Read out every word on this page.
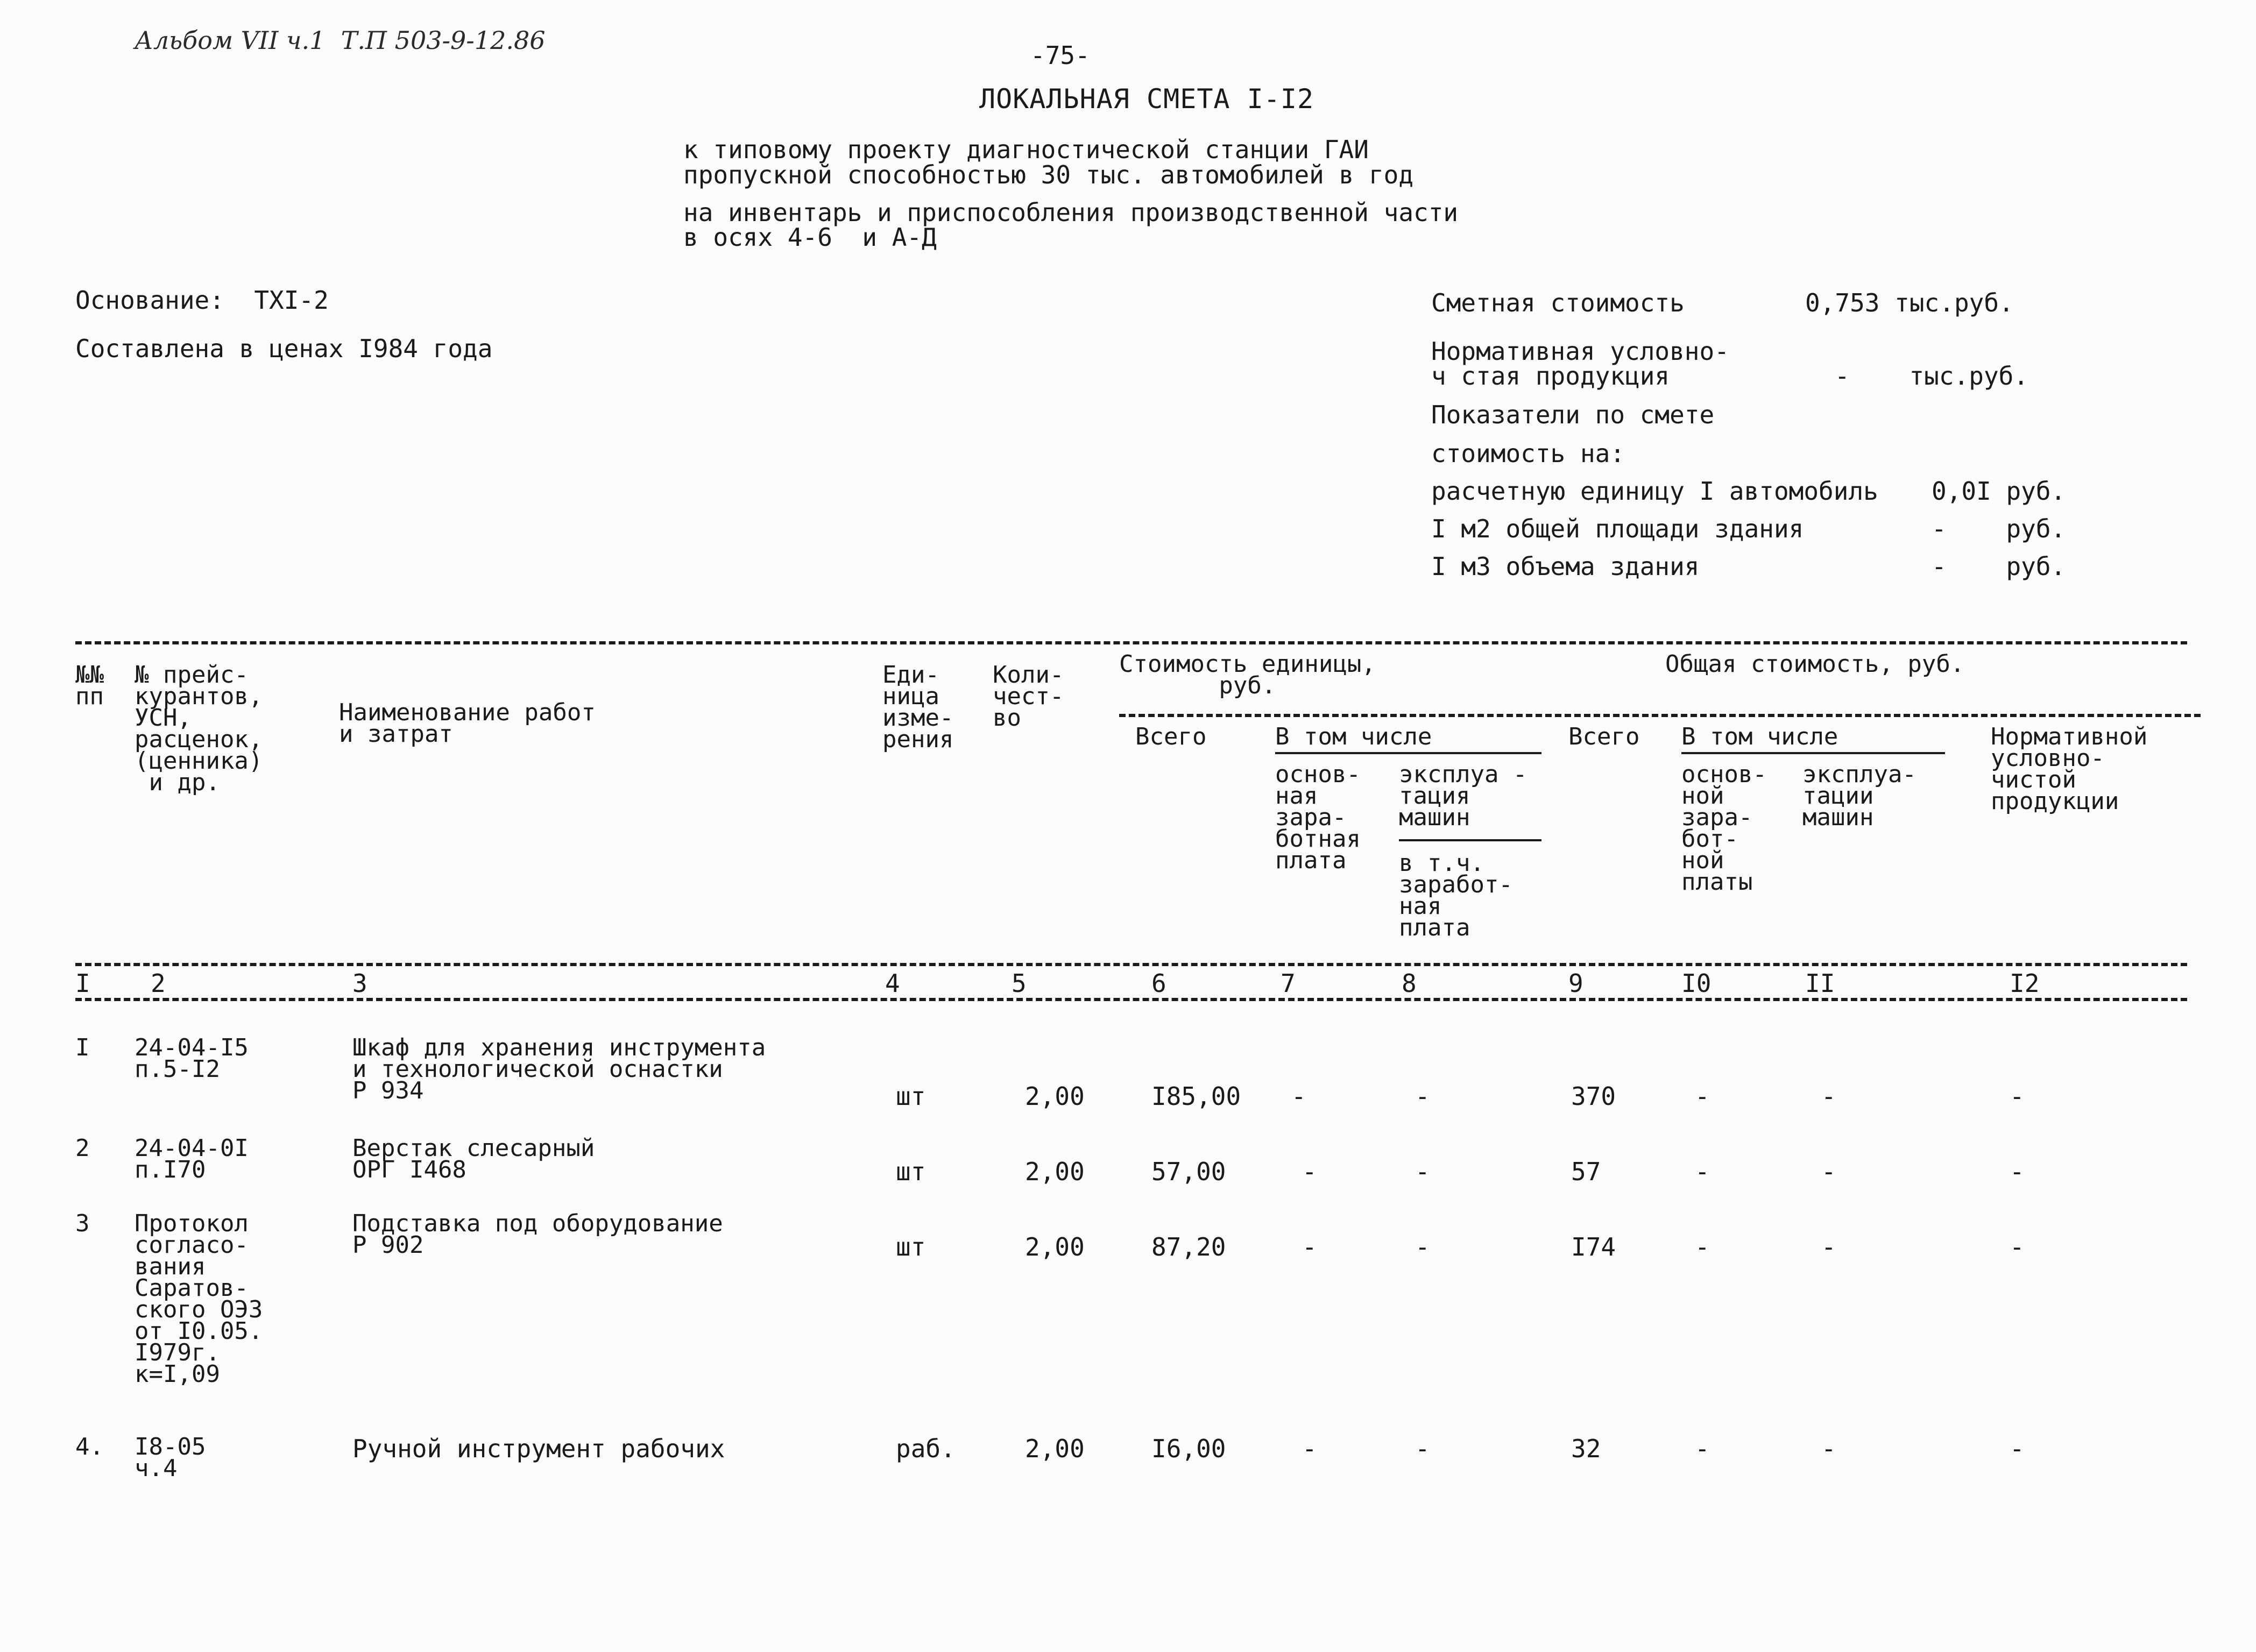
Альбом VII ч.1  Т.П 503-9-12.86
-75-
ЛОКАЛЬНАЯ СМЕТА I-I2
к типовому проекту диагностической станции ГАИ
пропускной способностью 30 тыс. автомобилей в год
на инвентарь и приспособления производственной части
в осях 4-6  и А-Д
Основание:  ТХI-2
Составлена в ценах I984 года
Сметная стоимость	0,753 тыс.руб.
Нормативная условно-
ч стая продукция	-    тыс.руб.
Показатели по смете
стоимость на:
расчетную единицу I автомобиль 0,0I руб.
I м2 общей площади здания	-    руб.
I м3 объема здания	-    руб.
№№
пп
№ прейс-
курантов,
УСН,
расценок,
(ценника)
и др.
Наименование работ
и затрат
Еди-
ница
изме-
рения
Коли-
чест-
во
Стоимость единицы,
руб.
Всего	В том числе
основ-
ная
зара-
ботная
плата
эксплуа -
тация
машин
в т.ч.
заработ-
ная
плата
Общая стоимость, руб.
Всего В том числе
основ-
ной
зара-
бот-
ной
платы
эксплуа-
тации
машин
Нормативной
условно-
чистой
продукции
I 2	3	4	5	6	7	8	9	I0	II	I2
I 24-04-I5
п.5-I2
Шкаф для хранения инструмента
и технологической оснастки
Р 934	шт	2,00	I85,00 -	-	370	-	-	-
2 24-04-0I
п.I70
Верстак слесарный
ОРГ I468	шт	2,00	57,00	-	-	57	-	-	-
3 Протокол
согласо-
вания
Саратов-
ского ОЭЗ
от I0.05.
I979г.
к=I,09
Подставка под оборудование
Р 902	шт	2,00	87,20	-	-	I74	-	-	-
4. I8-05
ч.4
Ручной инструмент рабочих	раб.	2,00	I6,00	-	-	32	-	-	-
